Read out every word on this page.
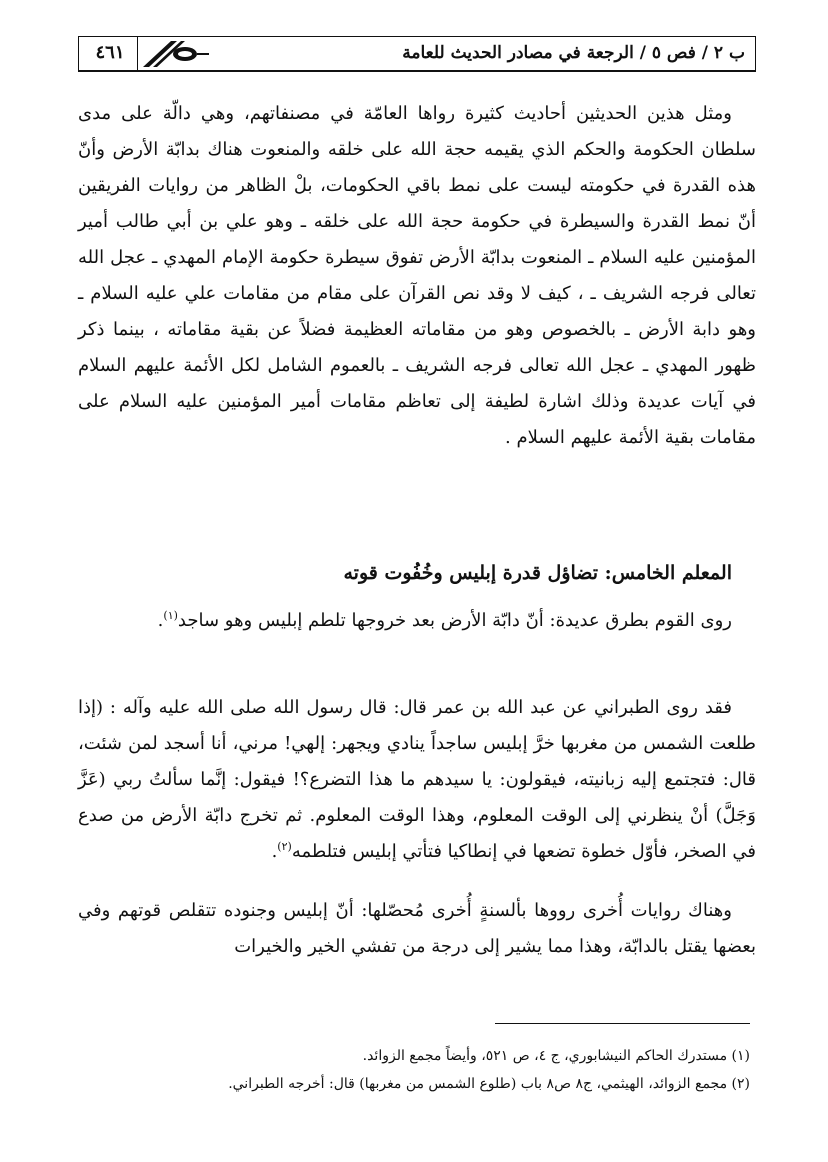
ب ٢ / فص ٥ / الرجعة في مصادر الحديث للعامة
٤٦١
ومثل هذين الحديثين أحاديث كثيرة رواها العامّة في مصنفاتهم، وهي دالّة على مدى سلطان الحكومة والحكم الذي يقيمه حجة الله على خلقه والمنعوت هناك بدابّة الأرض وأنّ هذه القدرة في حكومته ليست على نمط باقي الحكومات، بلْ الظاهر من روايات الفريقين أنّ نمط القدرة والسيطرة في حكومة حجة الله على خلقه ـ وهو علي بن أبي طالب أمير المؤمنين عليه السلام ـ المنعوت بدابّة الأرض تفوق سيطرة حكومة الإمام المهدي ـ عجل الله تعالى فرجه الشريف ـ ، كيف لا وقد نص القرآن على مقام من مقامات علي عليه السلام ـ وهو دابة الأرض ـ بالخصوص وهو من مقاماته العظيمة فضلاً عن بقية مقاماته ، بينما ذكر ظهور المهدي ـ عجل الله تعالى فرجه الشريف ـ بالعموم الشامل لكل الأئمة عليهم السلام في آيات عديدة وذلك اشارة لطيفة إلى تعاظم مقامات أمير المؤمنين عليه السلام على مقامات بقية الأئمة عليهم السلام .
المعلم الخامس: تضاؤل قدرة إبليس وخُفُوت قوته
روى القوم بطرق عديدة: أنّ دابّة الأرض بعد خروجها تلطم إبليس وهو ساجد$^{(١)}$.
فقد روى الطبراني عن عبد الله بن عمر قال: قال رسول الله صلى الله عليه وآله : (إذا طلعت الشمس من مغربها خرَّ إبليس ساجداً ينادي ويجهر: إلهي! مرني، أنا أسجد لمن شئت، قال: فتجتمع إليه زبانيته، فيقولون: يا سيدهم ما هذا التضرع؟! فيقول: إنَّما سألتُ ربي (عَزَّ وَجَلَّ) أنْ ينظرني إلى الوقت المعلوم، وهذا الوقت المعلوم. ثم تخرج دابّة الأرض من صدع في الصخر، فأوّل خطوة تضعها في إنطاكيا فتأتي إبليس فتلطمه$^{(٢)}$.
وهناك روايات أُخرى رووها بألسنةٍ أُخرى مُحصّلها: أنّ إبليس وجنوده تتقلص قوتهم وفي بعضها يقتل بالدابّة، وهذا مما يشير إلى درجة من تفشي الخير والخيرات
(١) مستدرك الحاكم النيشابوري، ج ٤، ص ٥٢١، وأيضاً مجمع الزوائد.
(٢) مجمع الزوائد، الهيثمي، ج٨ ص٨ باب (طلوع الشمس من مغربها) قال: أخرجه الطبراني.
